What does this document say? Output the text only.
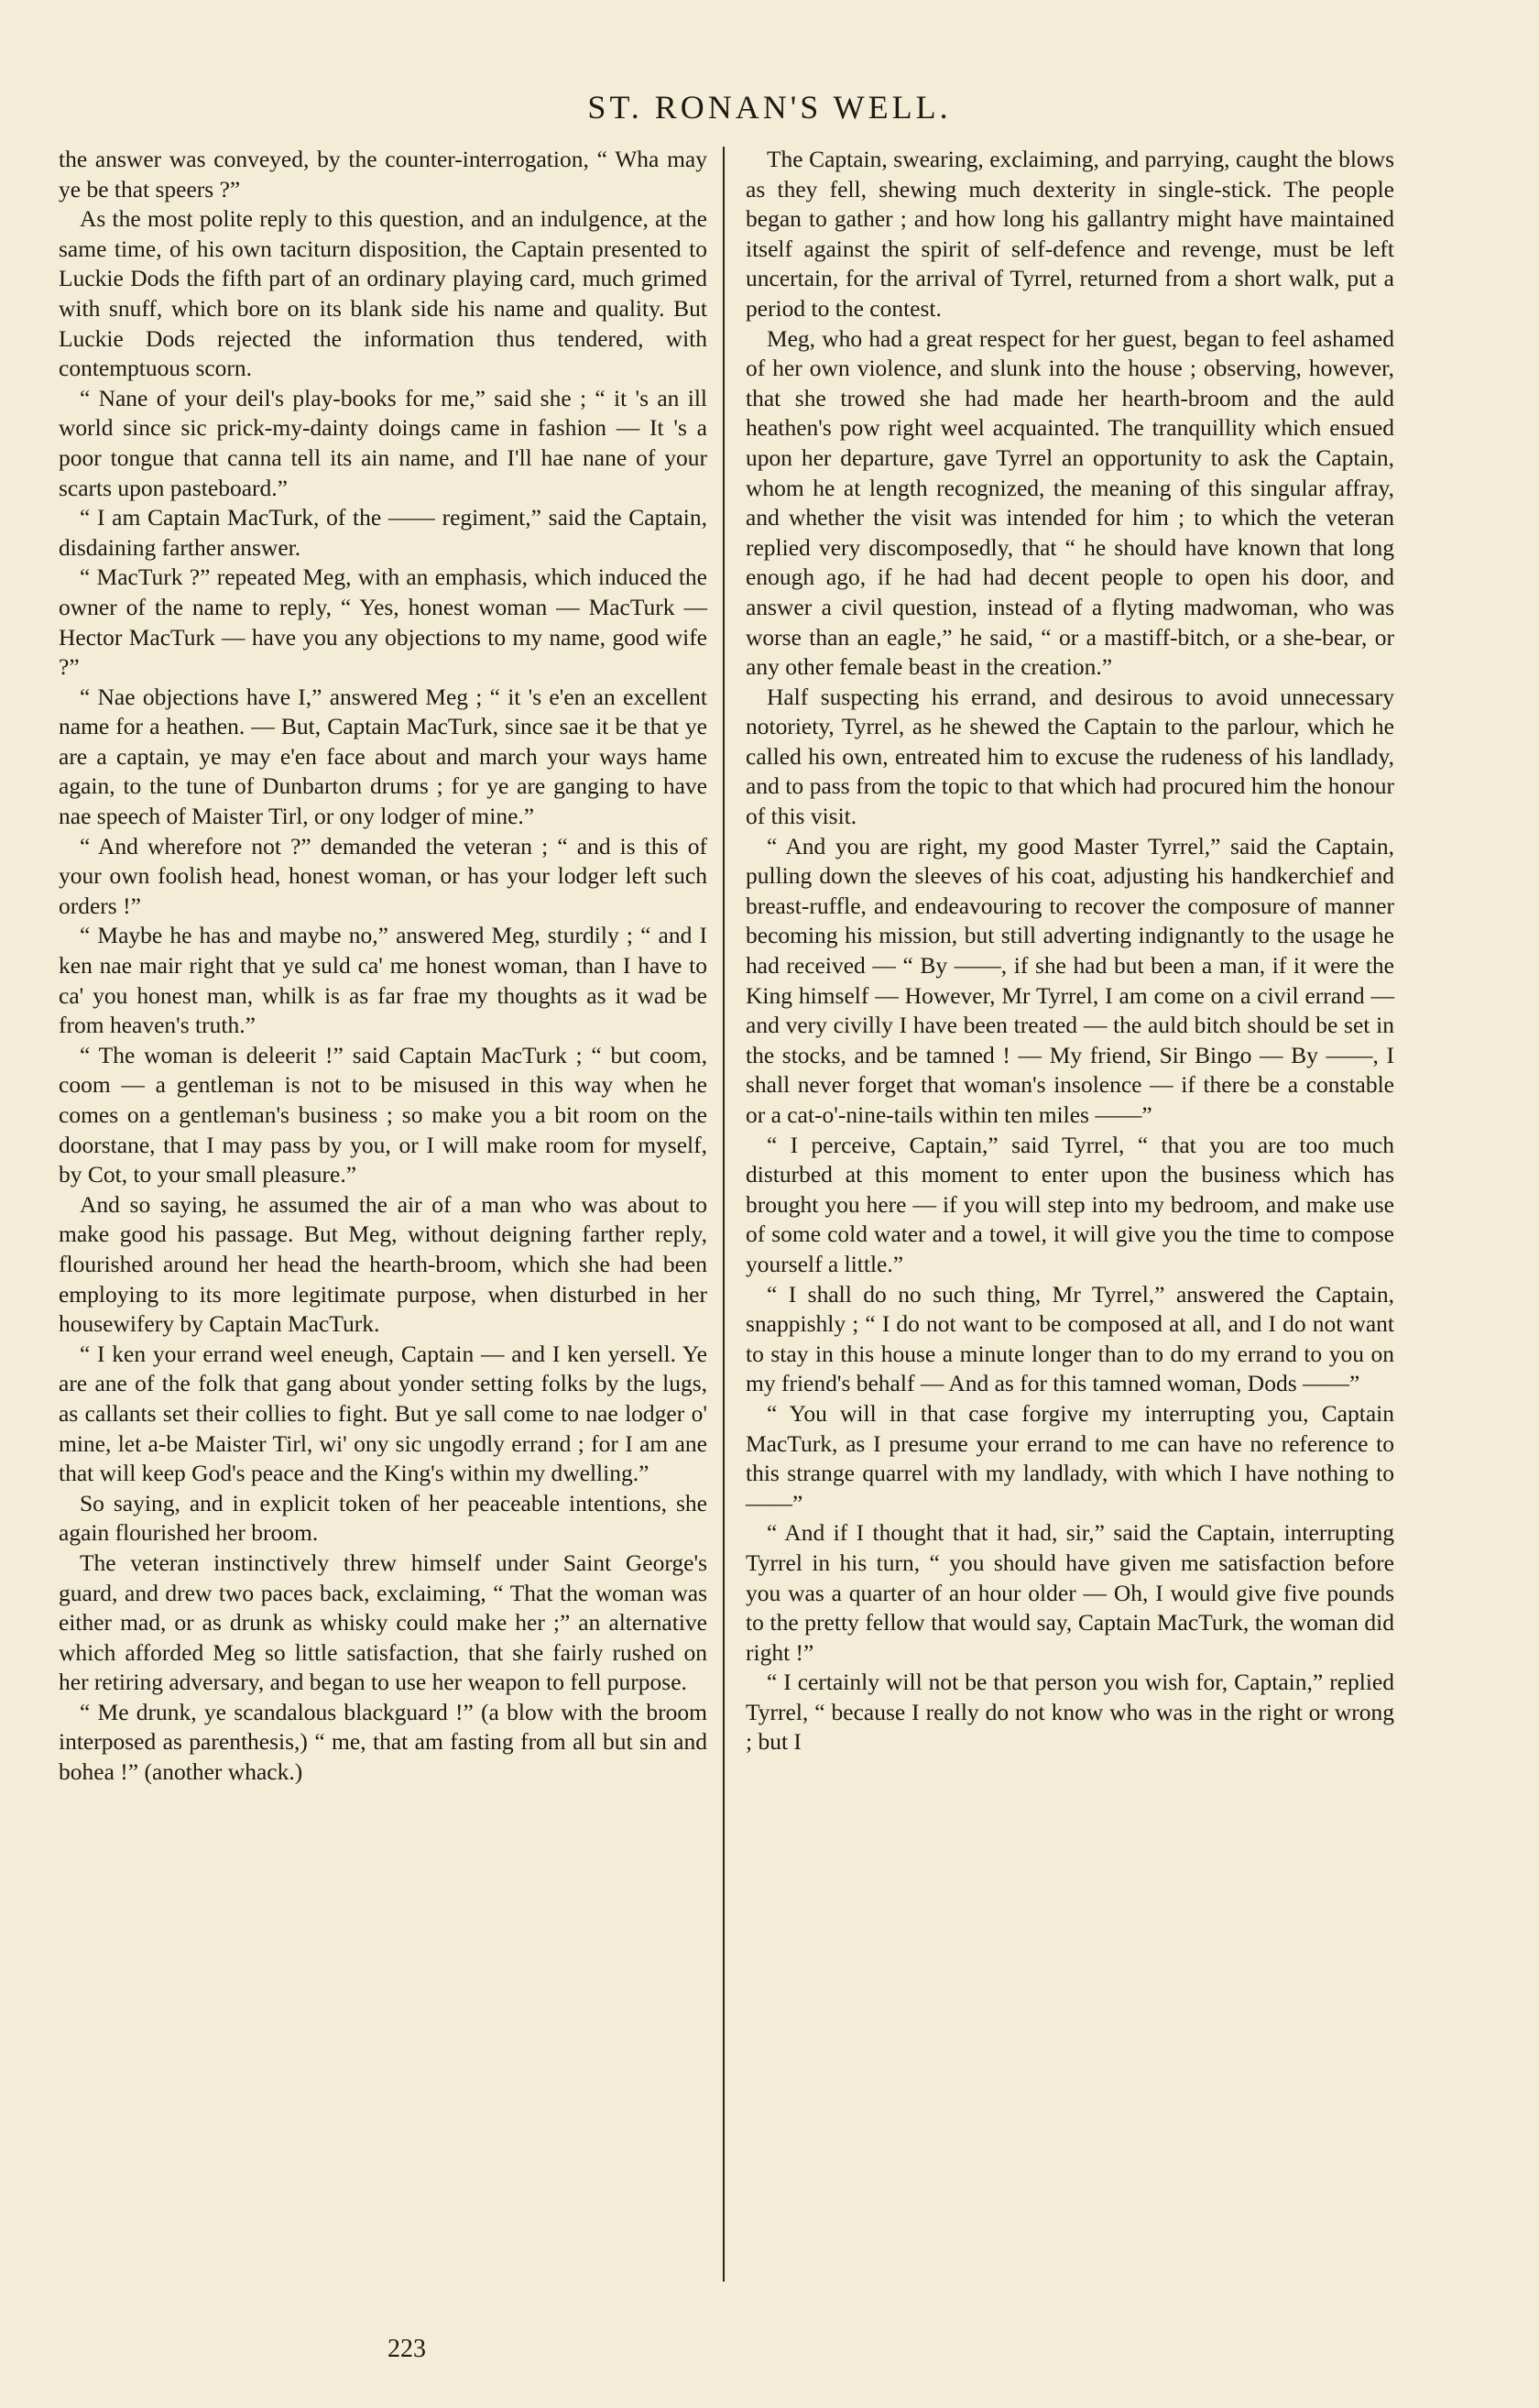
ST. RONAN'S WELL.

the answer was conveyed, by the counter-interrogation, “ Wha may ye be that speers ?”

As the most polite reply to this question, and an indulgence, at the same time, of his own taciturn disposition, the Captain presented to Luckie Dods the fifth part of an ordinary playing card, much grimed with snuff, which bore on its blank side his name and quality. But Luckie Dods rejected the information thus tendered, with contemptuous scorn.

“ Nane of your deil's play-books for me,” said she ; “ it 's an ill world since sic prick-my-dainty doings came in fashion — It 's a poor tongue that canna tell its ain name, and I'll hae nane of your scarts upon pasteboard.”

“ I am Captain MacTurk, of the —— regiment,” said the Captain, disdaining farther answer.

“ MacTurk ?” repeated Meg, with an emphasis, which induced the owner of the name to reply, “ Yes, honest woman — MacTurk — Hector MacTurk — have you any objections to my name, good wife ?”

“ Nae objections have I,” answered Meg ; “ it 's e'en an excellent name for a heathen. — But, Captain MacTurk, since sae it be that ye are a captain, ye may e'en face about and march your ways hame again, to the tune of Dunbarton drums ; for ye are ganging to have nae speech of Maister Tirl, or ony lodger of mine.”

“ And wherefore not ?” demanded the veteran ; “ and is this of your own foolish head, honest woman, or has your lodger left such orders !”

“ Maybe he has and maybe no,” answered Meg, sturdily ; “ and I ken nae mair right that ye suld ca' me honest woman, than I have to ca' you honest man, whilk is as far frae my thoughts as it wad be from heaven's truth.”

“ The woman is deleerit !” said Captain MacTurk ; “ but coom, coom — a gentleman is not to be misused in this way when he comes on a gentleman's business ; so make you a bit room on the doorstane, that I may pass by you, or I will make room for myself, by Cot, to your small pleasure.”

And so saying, he assumed the air of a man who was about to make good his passage. But Meg, without deigning farther reply, flourished around her head the hearth-broom, which she had been employing to its more legitimate purpose, when disturbed in her housewifery by Captain MacTurk.

“ I ken your errand weel eneugh, Captain — and I ken yersell. Ye are ane of the folk that gang about yonder setting folks by the lugs, as callants set their collies to fight. But ye sall come to nae lodger o' mine, let a-be Maister Tirl, wi' ony sic ungodly errand ; for I am ane that will keep God's peace and the King's within my dwelling.”

So saying, and in explicit token of her peaceable intentions, she again flourished her broom.

The veteran instinctively threw himself under Saint George's guard, and drew two paces back, exclaiming, “ That the woman was either mad, or as drunk as whisky could make her ;” an alternative which afforded Meg so little satisfaction, that she fairly rushed on her retiring adversary, and began to use her weapon to fell purpose.

“ Me drunk, ye scandalous blackguard !” (a blow with the broom interposed as parenthesis,) “ me, that am fasting from all but sin and bohea !” (another whack.)

The Captain, swearing, exclaiming, and parrying, caught the blows as they fell, shewing much dexterity in single-stick. The people began to gather ; and how long his gallantry might have maintained itself against the spirit of self-defence and revenge, must be left uncertain, for the arrival of Tyrrel, returned from a short walk, put a period to the contest.

Meg, who had a great respect for her guest, began to feel ashamed of her own violence, and slunk into the house ; observing, however, that she trowed she had made her hearth-broom and the auld heathen's pow right weel acquainted. The tranquillity which ensued upon her departure, gave Tyrrel an opportunity to ask the Captain, whom he at length recognized, the meaning of this singular affray, and whether the visit was intended for him ; to which the veteran replied very discomposedly, that “ he should have known that long enough ago, if he had had decent people to open his door, and answer a civil question, instead of a flyting madwoman, who was worse than an eagle,” he said, “ or a mastiff-bitch, or a she-bear, or any other female beast in the creation.”

Half suspecting his errand, and desirous to avoid unnecessary notoriety, Tyrrel, as he shewed the Captain to the parlour, which he called his own, entreated him to excuse the rudeness of his landlady, and to pass from the topic to that which had procured him the honour of this visit.

“ And you are right, my good Master Tyrrel,” said the Captain, pulling down the sleeves of his coat, adjusting his handkerchief and breast-ruffle, and endeavouring to recover the composure of manner becoming his mission, but still adverting indignantly to the usage he had received — “ By ——, if she had but been a man, if it were the King himself — However, Mr Tyrrel, I am come on a civil errand — and very civilly I have been treated — the auld bitch should be set in the stocks, and be tamned ! — My friend, Sir Bingo — By ——, I shall never forget that woman's insolence — if there be a constable or a cat-o'-nine-tails within ten miles ——”

“ I perceive, Captain,” said Tyrrel, “ that you are too much disturbed at this moment to enter upon the business which has brought you here — if you will step into my bedroom, and make use of some cold water and a towel, it will give you the time to compose yourself a little.”

“ I shall do no such thing, Mr Tyrrel,” answered the Captain, snappishly ; “ I do not want to be composed at all, and I do not want to stay in this house a minute longer than to do my errand to you on my friend's behalf — And as for this tamned woman, Dods ——”

“ You will in that case forgive my interrupting you, Captain MacTurk, as I presume your errand to me can have no reference to this strange quarrel with my landlady, with which I have nothing to ——”

“ And if I thought that it had, sir,” said the Captain, interrupting Tyrrel in his turn, “ you should have given me satisfaction before you was a quarter of an hour older — Oh, I would give five pounds to the pretty fellow that would say, Captain MacTurk, the woman did right !”

“ I certainly will not be that person you wish for, Captain,” replied Tyrrel, “ because I really do not know who was in the right or wrong ; but I

223
